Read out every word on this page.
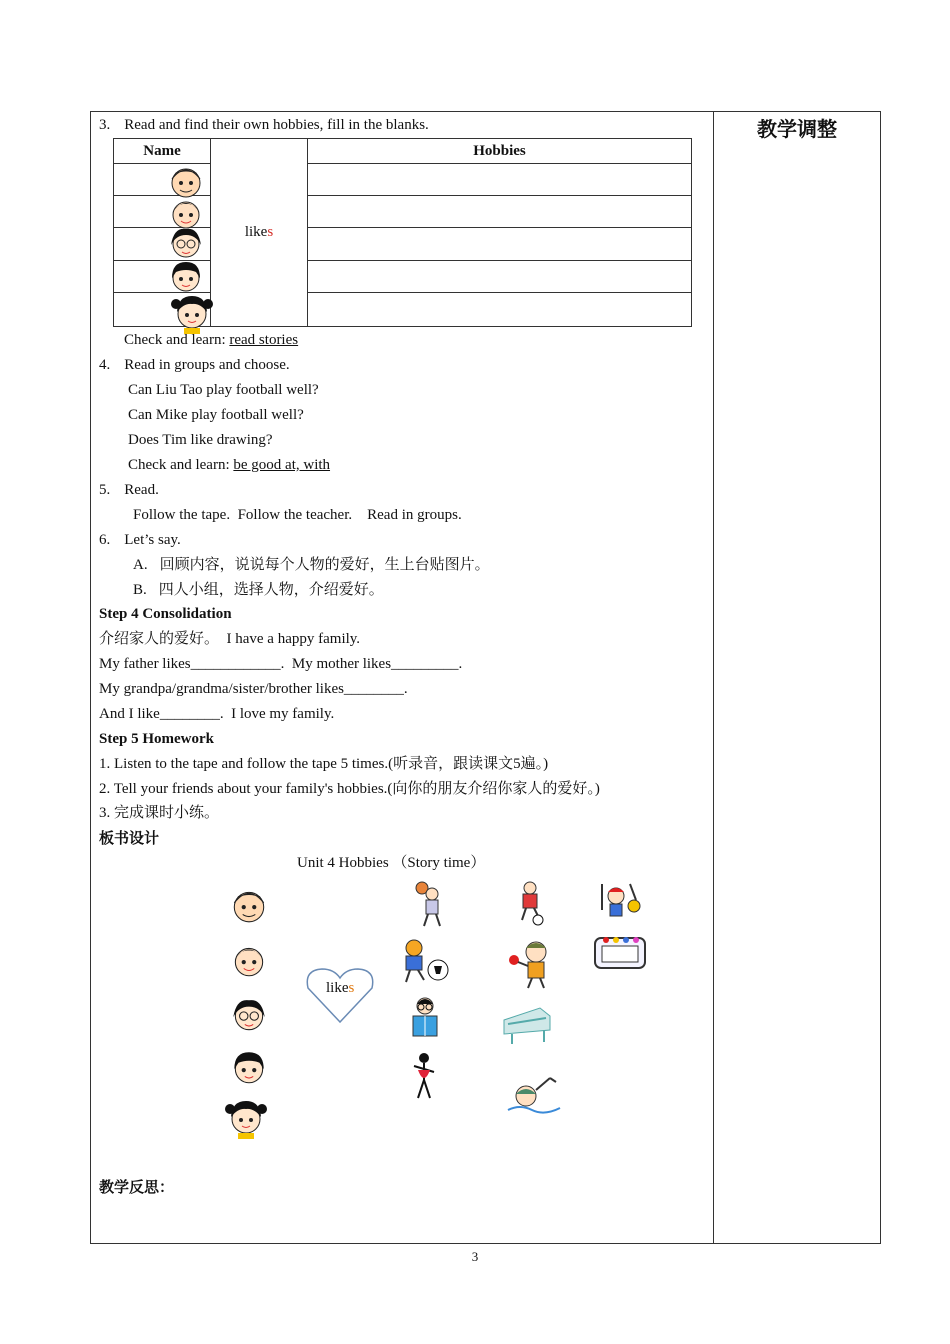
教学调整
3. Read and find their own hobbies, fill in the blanks.
Name	likes	Hobbies

Check and learn: read stories
4. Read in groups and choose.
Can Liu Tao play football well?
Can Mike play football well?
Does Tim like drawing?
Check and learn: be good at, with
5. Read.
Follow the tape.  Follow the teacher.    Read in groups.
6. Let’s say.
A. 回顾内容，说说每个人物的爱好，生上台贴图片。
B. 四人小组，选择人物，介绍爱好。
Step 4 Consolidation
介绍家人的爱好。  I have a happy family.
My father likes____________.  My mother likes_________.
My grandpa/grandma/sister/brother likes________.
And I like________.  I love my family.
Step 5 Homework
1. Listen to the tape and follow the tape 5 times.(听录音，跟读课文5遍。)
2. Tell your friends about your family's hobbies.(向你的朋友介绍你家人的爱好。)
3. 完成课时小练。
板书设计
Unit 4 Hobbies （Story time）
likes
教学反思：
3
